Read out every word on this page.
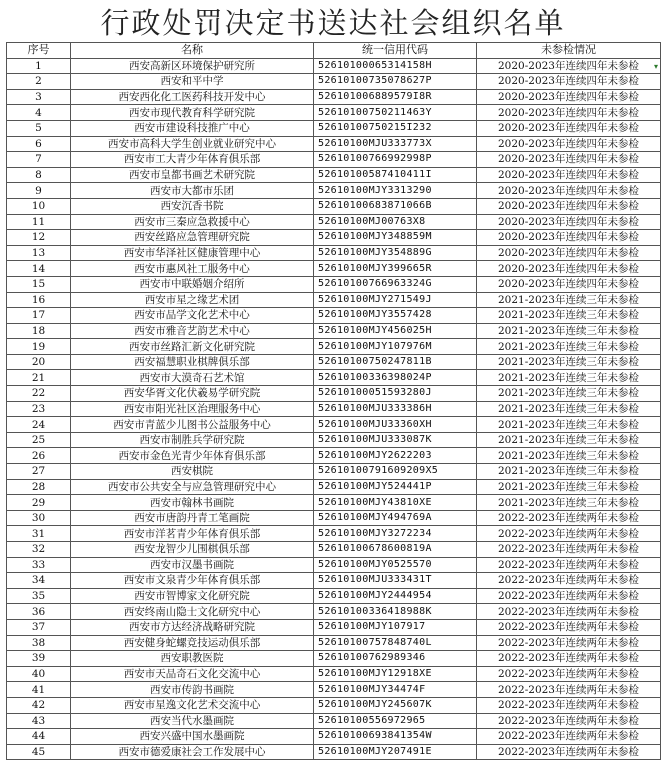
行政处罚决定书送达社会组织名单
序号	名称	统一信用代码	未参检情况
1	西安高新区环境保护研究所	52610100065314158H	2020-2023年连续四年未参检 ▾

2	西安和平中学	52610100735078627P	2020-2023年连续四年未参检
3	西安西化化工医药科技开发中心	526101006889579I8R	2020-2023年连续四年未参检
4	西安市现代教育科学研究院	52610100750211463Y	2020-2023年连续四年未参检
5	西安市建设科技推广中心	52610100750215I232	2020-2023年连续四年未参检
6	西安市高科大学生创业就业研究中心	52610100MJU333773X	2020-2023年连续四年未参检
7	西安市工大青少年体育俱乐部	52610100766992998P	2020-2023年连续四年未参检
8	西安市皇都书画艺术研究院	52610100587410411I	2020-2023年连续四年未参检
9	西安市大都市乐团	52610100MJY3313290	2020-2023年连续四年未参检
10	西安沉香书院	52610100683871066B	2020-2023年连续四年未参检
11	西安市三秦应急救援中心	52610100MJ00763X8	2020-2023年连续四年未参检
12	西安丝路应急管理研究院	52610100MJY348859M	2020-2023年连续四年未参检
13	西安市华泽社区健康管理中心	52610100MJY354889G	2020-2023年连续四年未参检
14	西安市惠风社工服务中心	52610100MJY399665R	2020-2023年连续四年未参检
15	西安市中联婚姻介绍所	52610100766963324G	2020-2023年连续四年未参检
16	西安市星之缘艺术团	52610100MJY271549J	2021-2023年连续三年未参检
17	西安市品学文化艺术中心	52610100MJY3557428	2021-2023年连续三年未参检
18	西安市雅音艺韵艺术中心	52610100MJY456025H	2021-2023年连续三年未参检
19	西安市丝路汇新文化研究院	52610100MJY107976M	2021-2023年连续三年未参检
20	西安福慧职业棋牌俱乐部	52610100750247811B	2021-2023年连续三年未参检
21	西安市大漠奇石艺术馆	52610100336398024P	2021-2023年连续三年未参检
22	西安华胥文化伏羲易学研究院	52610100051593280J	2021-2023年连续三年未参检
23	西安市阳光社区治理服务中心	52610100MJU333386H	2021-2023年连续三年未参检
24	西安市青蓝少儿图书公益服务中心	52610100MJU33360XH	2021-2023年连续三年未参检
25	西安市制胜兵学研究院	52610100MJU333087K	2021-2023年连续三年未参检
26	西安市金色光青少年体育俱乐部	52610100MJY2622203	2021-2023年连续三年未参检
27	西安棋院	52610100791609209X5	2021-2023年连续三年未参检
28	西安市公共安全与应急管理研究中心	52610100MJY524441P	2021-2023年连续三年未参检
29	西安市翰林书画院	52610100MJY43810XE	2021-2023年连续三年未参检
30	西安市唐韵丹青工笔画院	52610100MJY494769A	2022-2023年连续两年未参检
31	西安市洋茗青少年体育俱乐部	52610100MJY3272234	2022-2023年连续两年未参检
32	西安龙智少儿围棋俱乐部	52610100678600819A	2022-2023年连续两年未参检
33	西安市汉墨书画院	52610100MJY0525570	2022-2023年连续两年未参检
34	西安市文泉青少年体育俱乐部	52610100MJU333431T	2022-2023年连续两年未参检
35	西安市智博家文化研究院	52610100MJY2444954	2022-2023年连续两年未参检
36	西安终南山隐士文化研究中心	52610100336418988K	2022-2023年连续两年未参检
37	西安市方达经济战略研究院	52610100MJY107917	2022-2023年连续两年未参检
38	西安健身蛇螺竞技运动俱乐部	52610100757848740L	2022-2023年连续两年未参检
39	西安职教医院	52610100762989346	2022-2023年连续两年未参检
40	西安市天品奇石文化交流中心	52610100MJY12918XE	2022-2023年连续两年未参检
41	西安市传韵书画院	52610100MJY34474F	2022-2023年连续两年未参检
42	西安市星逸文化艺术交流中心	52610100MJY245607K	2022-2023年连续两年未参检
43	西安当代水墨画院	52610100556972965	2022-2023年连续两年未参检
44	西安兴盛中国水墨画院	52610100693841354W	2022-2023年连续两年未参检
45	西安市德爱康社会工作发展中心	52610100MJY207491E	2022-2023年连续两年未参检
